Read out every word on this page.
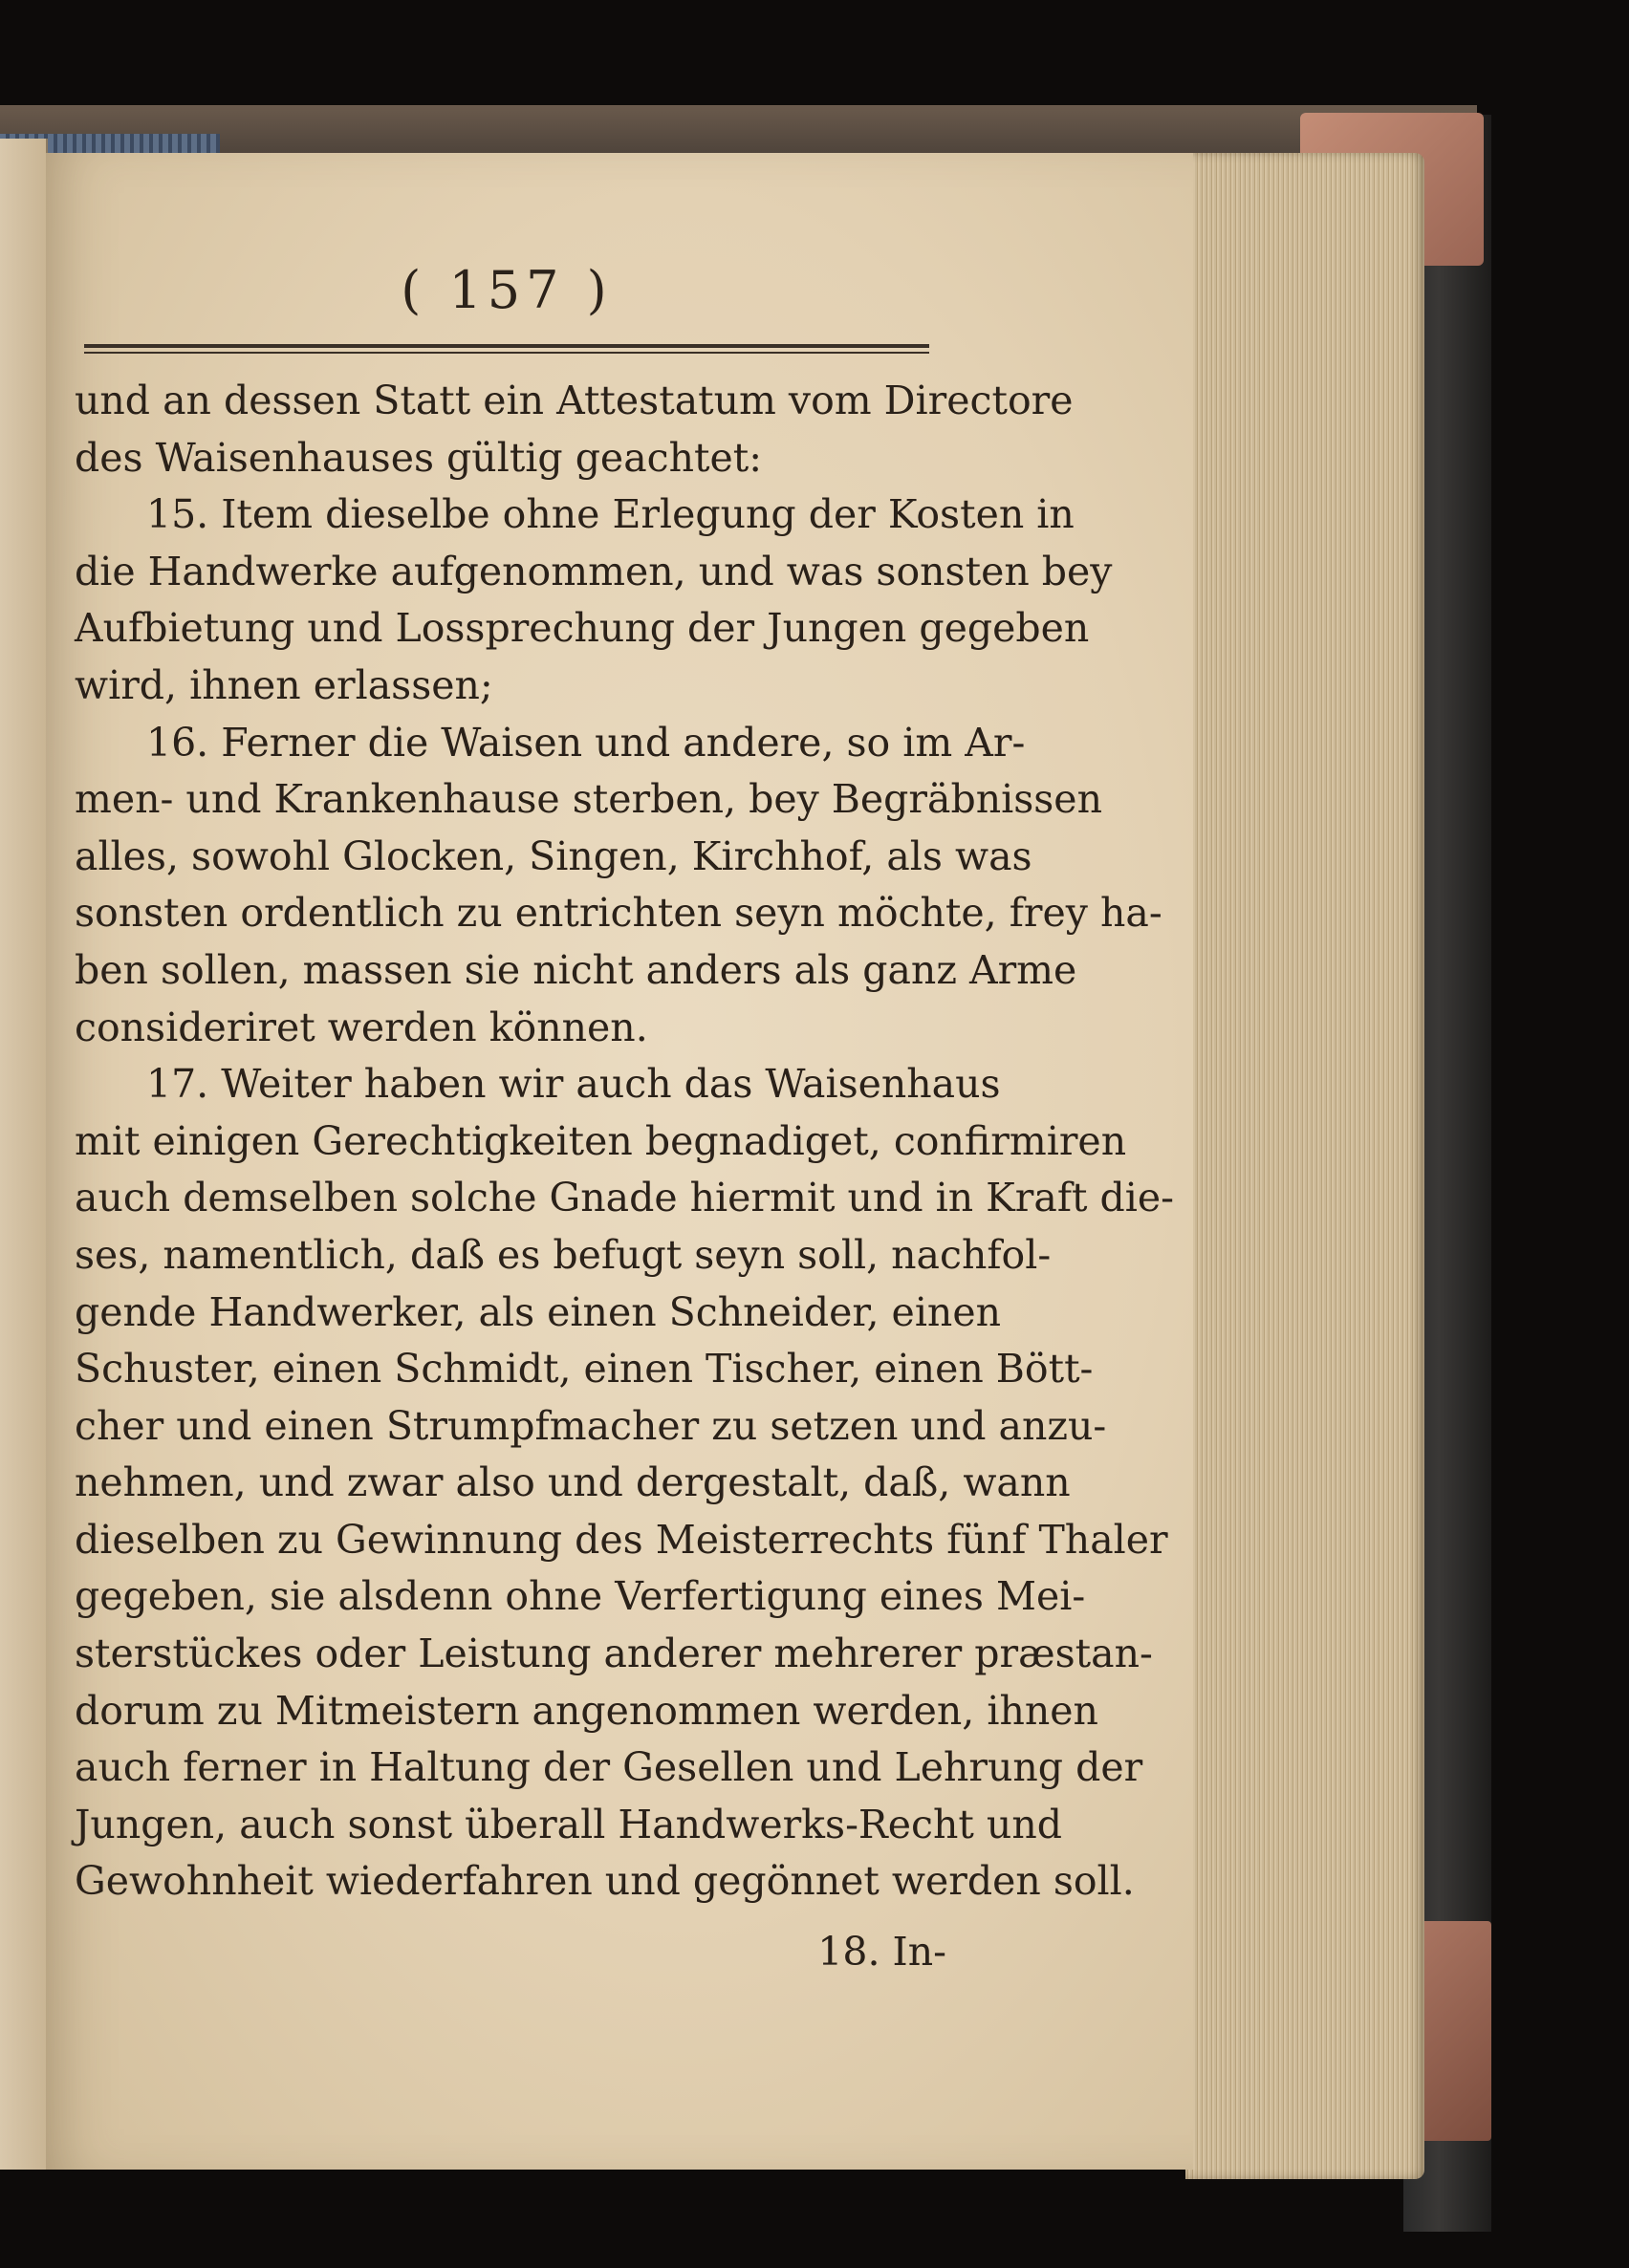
( 157 )
und an dessen Statt ein Attestatum vom Directore
des Waisenhauses gültig geachtet:
15. Item dieselbe ohne Erlegung der Kosten in
die Handwerke aufgenommen, und was sonsten bey
Aufbietung und Lossprechung der Jungen gegeben
wird, ihnen erlassen;
16. Ferner die Waisen und andere, so im Ar-
men- und Krankenhause sterben, bey Begräbnissen
alles, sowohl Glocken, Singen, Kirchhof, als was
sonsten ordentlich zu entrichten seyn möchte, frey ha-
ben sollen, massen sie nicht anders als ganz Arme
consideriret werden können.
17. Weiter haben wir auch das Waisenhaus
mit einigen Gerechtigkeiten begnadiget, confirmiren
auch demselben solche Gnade hiermit und in Kraft die-
ses, namentlich, daß es befugt seyn soll, nachfol-
gende Handwerker, als einen Schneider, einen
Schuster, einen Schmidt, einen Tischer, einen Bött-
cher und einen Strumpfmacher zu setzen und anzu-
nehmen, und zwar also und dergestalt, daß, wann
dieselben zu Gewinnung des Meisterrechts fünf Thaler
gegeben, sie alsdenn ohne Verfertigung eines Mei-
sterstückes oder Leistung anderer mehrerer præstan-
dorum zu Mitmeistern angenommen werden, ihnen
auch ferner in Haltung der Gesellen und Lehrung der
Jungen, auch sonst überall Handwerks-Recht und
Gewohnheit wiederfahren und gegönnet werden soll.
18. In-
